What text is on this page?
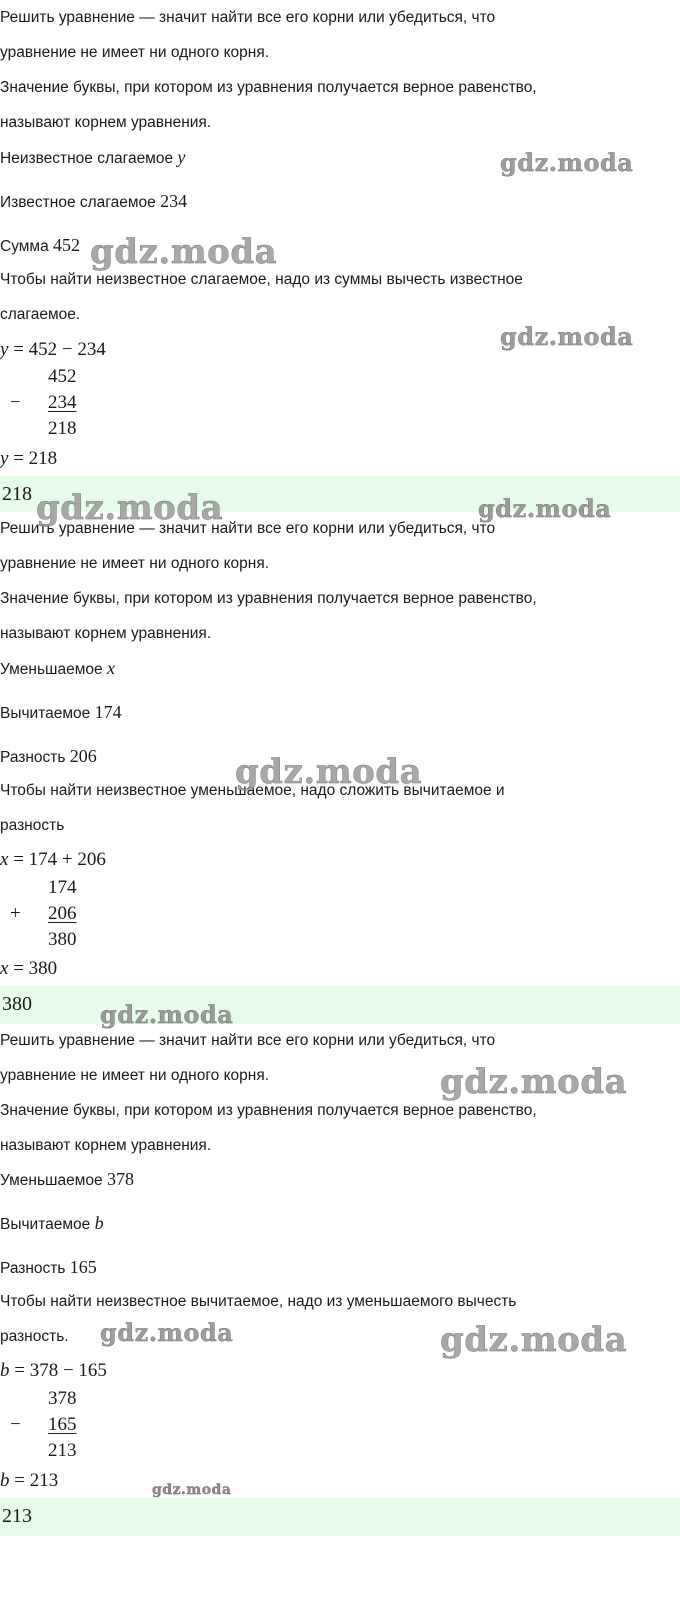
Решить уравнение — значит найти все его корни или убедиться, что
уравнение не имеет ни одного корня.
Значение буквы, при котором из уравнения получается верное равенство,
называют корнем уравнения.
Неизвестное слагаемое y
Известное слагаемое 234
Сумма 452
Чтобы найти неизвестное слагаемое, надо из суммы вычесть известное
слагаемое.
y = 452 − 234
452
− 234
218
y = 218
218
Решить уравнение — значит найти все его корни или убедиться, что
уравнение не имеет ни одного корня.
Значение буквы, при котором из уравнения получается верное равенство,
называют корнем уравнения.
Уменьшаемое x
Вычитаемое 174
Разность 206
Чтобы найти неизвестное уменьшаемое, надо сложить вычитаемое и
разность
x = 174 + 206
174
+ 206
380
x = 380
380
Решить уравнение — значит найти все его корни или убедиться, что
уравнение не имеет ни одного корня.
Значение буквы, при котором из уравнения получается верное равенство,
называют корнем уравнения.
Уменьшаемое 378
Вычитаемое b
Разность 165
Чтобы найти неизвестное вычитаемое, надо из уменьшаемого вычесть
разность.
b = 378 − 165
378
− 165
213
b = 213
213
gdz.moda
gdz.moda
gdz.moda
gdz.moda	gdz.moda
gdz.moda
gdz.moda
gdz.moda
gdz.moda	gdz.moda
gdz.moda
